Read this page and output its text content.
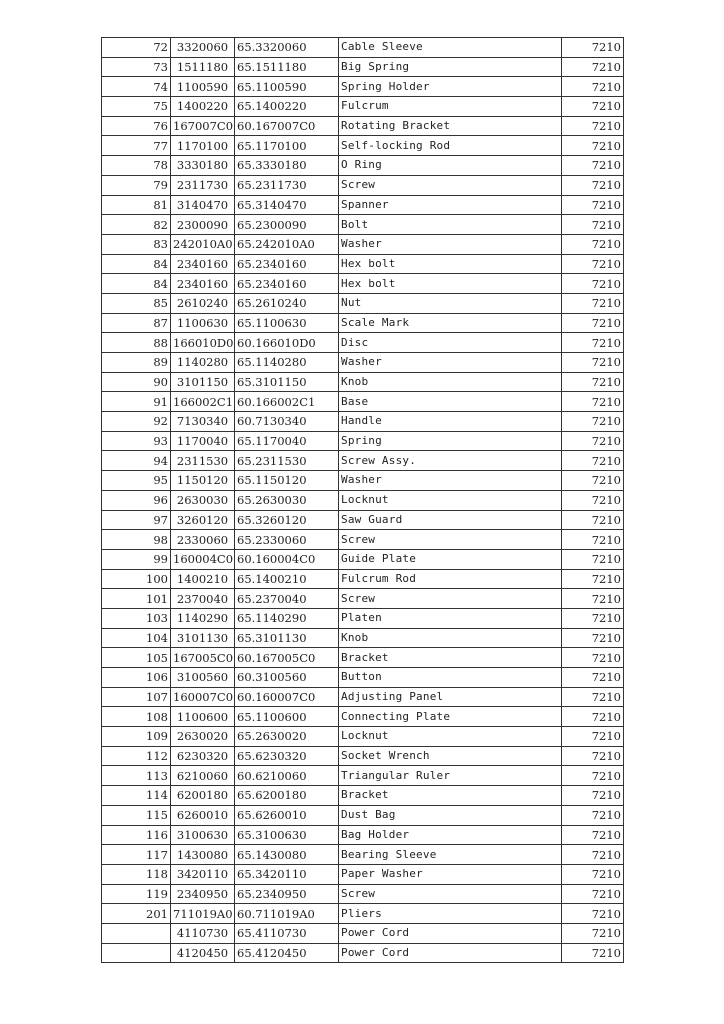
72	3320060	65.3320060	Cable Sleeve	7210
73	1511180	65.1511180	Big Spring	7210
74	1100590	65.1100590	Spring Holder	7210
75	1400220	65.1400220	Fulcrum	7210
76	167007C0	60.167007C0	Rotating Bracket	7210
77	1170100	65.1170100	Self-locking Rod	7210
78	3330180	65.3330180	O Ring	7210
79	2311730	65.2311730	Screw	7210
81	3140470	65.3140470	Spanner	7210
82	2300090	65.2300090	Bolt	7210
83	242010A0	65.242010A0	Washer	7210
84	2340160	65.2340160	Hex bolt	7210
84	2340160	65.2340160	Hex bolt	7210
85	2610240	65.2610240	Nut	7210
87	1100630	65.1100630	Scale Mark	7210
88	166010D0	60.166010D0	Disc	7210
89	1140280	65.1140280	Washer	7210
90	3101150	65.3101150	Knob	7210
91	166002C1	60.166002C1	Base	7210
92	7130340	60.7130340	Handle	7210
93	1170040	65.1170040	Spring	7210
94	2311530	65.2311530	Screw Assy.	7210
95	1150120	65.1150120	Washer	7210
96	2630030	65.2630030	Locknut	7210
97	3260120	65.3260120	Saw Guard	7210
98	2330060	65.2330060	Screw	7210
99	160004C0	60.160004C0	Guide Plate	7210
100	1400210	65.1400210	Fulcrum Rod	7210
101	2370040	65.2370040	Screw	7210
103	1140290	65.1140290	Platen	7210
104	3101130	65.3101130	Knob	7210
105	167005C0	60.167005C0	Bracket	7210
106	3100560	60.3100560	Button	7210
107	160007C0	60.160007C0	Adjusting Panel	7210
108	1100600	65.1100600	Connecting Plate	7210
109	2630020	65.2630020	Locknut	7210
112	6230320	65.6230320	Socket Wrench	7210
113	6210060	60.6210060	Triangular Ruler	7210
114	6200180	65.6200180	Bracket	7210
115	6260010	65.6260010	Dust Bag	7210
116	3100630	65.3100630	Bag Holder	7210
117	1430080	65.1430080	Bearing Sleeve	7210
118	3420110	65.3420110	Paper Washer	7210
119	2340950	65.2340950	Screw	7210
201	711019A0	60.711019A0	Pliers	7210
	4110730	65.4110730	Power Cord	7210
	4120450	65.4120450	Power Cord	7210
